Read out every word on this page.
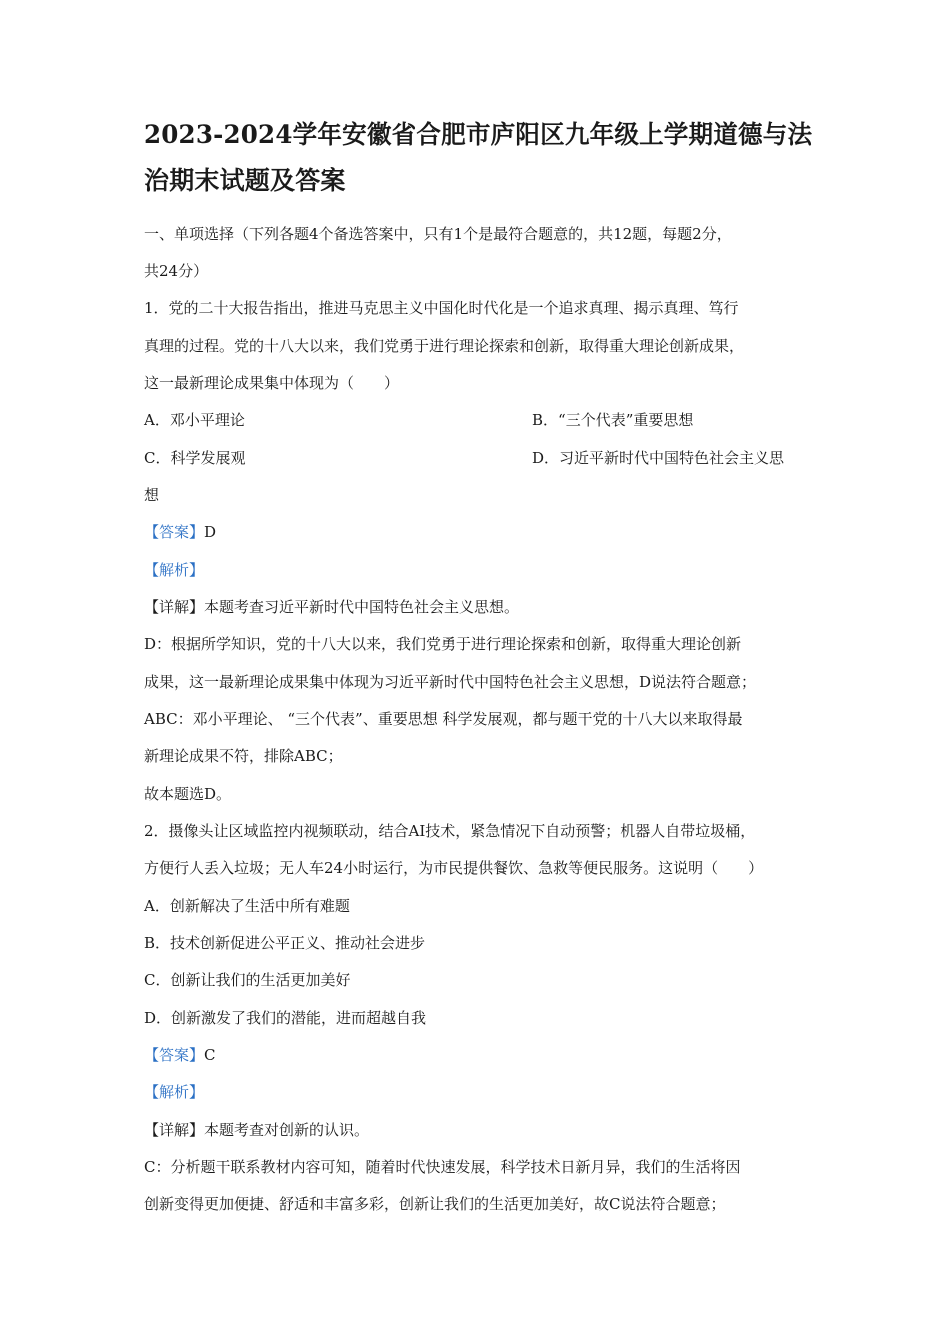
2023-2024学年安徽省合肥市庐阳区九年级上学期道德与法
治期末试题及答案
一、单项选择（下列各题4个备选答案中，只有1个是最符合题意的，共12题，每题2分，
共24分）
1．党的二十大报告指出，推进马克思主义中国化时代化是一个追求真理、揭示真理、笃行
真理的过程。党的十八大以来，我们党勇于进行理论探索和创新，取得重大理论创新成果，
这一最新理论成果集中体现为（　　）
A．邓小平理论	B．“三个代表”重要思想
C．科学发展观	D．习近平新时代中国特色社会主义思
想
【答案】D
【解析】
【详解】本题考查习近平新时代中国特色社会主义思想。
D：根据所学知识，党的十八大以来，我们党勇于进行理论探索和创新，取得重大理论创新
成果，这一最新理论成果集中体现为习近平新时代中国特色社会主义思想，D说法符合题意；
ABC：邓小平理论、 “三个代表”、重要思想 科学发展观，都与题干党的十八大以来取得最
新理论成果不符，排除ABC；
故本题选D。
2．摄像头让区域监控内视频联动，结合AI技术，紧急情况下自动预警；机器人自带垃圾桶，
方便行人丢入垃圾；无人车24小时运行，为市民提供餐饮、急救等便民服务。这说明（　　）
A．创新解决了生活中所有难题
B．技术创新促进公平正义、推动社会进步
C．创新让我们的生活更加美好
D．创新激发了我们的潜能，进而超越自我
【答案】C
【解析】
【详解】本题考查对创新的认识。
C：分析题干联系教材内容可知，随着时代快速发展，科学技术日新月异，我们的生活将因
创新变得更加便捷、舒适和丰富多彩，创新让我们的生活更加美好，故C说法符合题意；
